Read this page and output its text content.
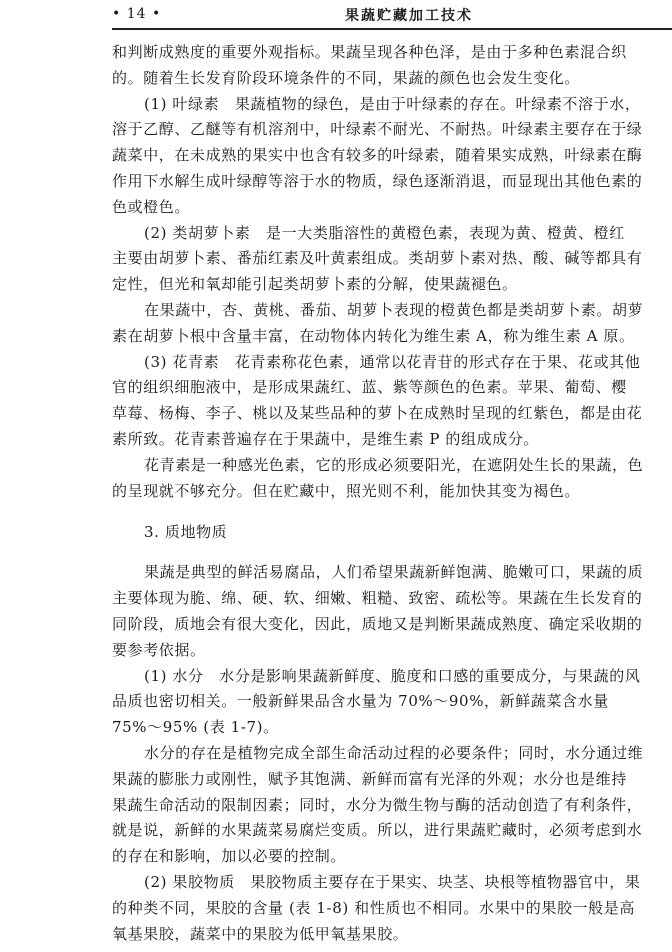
• 14 •	果蔬贮藏加工技术
和判断成熟度的重要外观指标。果蔬呈现各种色泽，是由于多种色素混合织
的。随着生长发育阶段环境条件的不同，果蔬的颜色也会发生变化。
(1) 叶绿素　果蔬植物的绿色，是由于叶绿素的存在。叶绿素不溶于水，
溶于乙醇、乙醚等有机溶剂中，叶绿素不耐光、不耐热。叶绿素主要存在于绿
蔬菜中，在未成熟的果实中也含有较多的叶绿素，随着果实成熟，叶绿素在酶
作用下水解生成叶绿醇等溶于水的物质，绿色逐渐消退，而显现出其他色素的
色或橙色。
(2) 类胡萝卜素　是一大类脂溶性的黄橙色素，表现为黄、橙黄、橙红
主要由胡萝卜素、番茄红素及叶黄素组成。类胡萝卜素对热、酸、碱等都具有
定性，但光和氧却能引起类胡萝卜素的分解，使果蔬褪色。
在果蔬中，杏、黄桃、番茄、胡萝卜表现的橙黄色都是类胡萝卜素。胡萝
素在胡萝卜根中含量丰富，在动物体内转化为维生素 A，称为维生素 A 原。
(3) 花青素　花青素称花色素，通常以花青苷的形式存在于果、花或其他
官的组织细胞液中，是形成果蔬红、蓝、紫等颜色的色素。苹果、葡萄、樱
草莓、杨梅、李子、桃以及某些品种的萝卜在成熟时呈现的红紫色，都是由花
素所致。花青素普遍存在于果蔬中，是维生素 P 的组成成分。
花青素是一种感光色素，它的形成必须要阳光，在遮阴处生长的果蔬，色
的呈现就不够充分。但在贮藏中，照光则不利，能加快其变为褐色。
3. 质地物质
果蔬是典型的鲜活易腐品，人们希望果蔬新鲜饱满、脆嫩可口，果蔬的质
主要体现为脆、绵、硬、软、细嫩、粗糙、致密、疏松等。果蔬在生长发育的
同阶段，质地会有很大变化，因此，质地又是判断果蔬成熟度、确定采收期的
要参考依据。
(1) 水分　水分是影响果蔬新鲜度、脆度和口感的重要成分，与果蔬的风
品质也密切相关。一般新鲜果品含水量为 70%～90%，新鲜蔬菜含水量
75%～95% (表 1-7)。
水分的存在是植物完成全部生命活动过程的必要条件；同时，水分通过维
果蔬的膨胀力或刚性，赋予其饱满、新鲜而富有光泽的外观；水分也是维持
果蔬生命活动的限制因素；同时，水分为微生物与酶的活动创造了有利条件，
就是说，新鲜的水果蔬菜易腐烂变质。所以，进行果蔬贮藏时，必须考虑到水
的存在和影响，加以必要的控制。
(2) 果胶物质　果胶物质主要存在于果实、块茎、块根等植物器官中，果
的种类不同，果胶的含量 (表 1-8) 和性质也不相同。水果中的果胶一般是高
氧基果胶，蔬菜中的果胶为低甲氧基果胶。
